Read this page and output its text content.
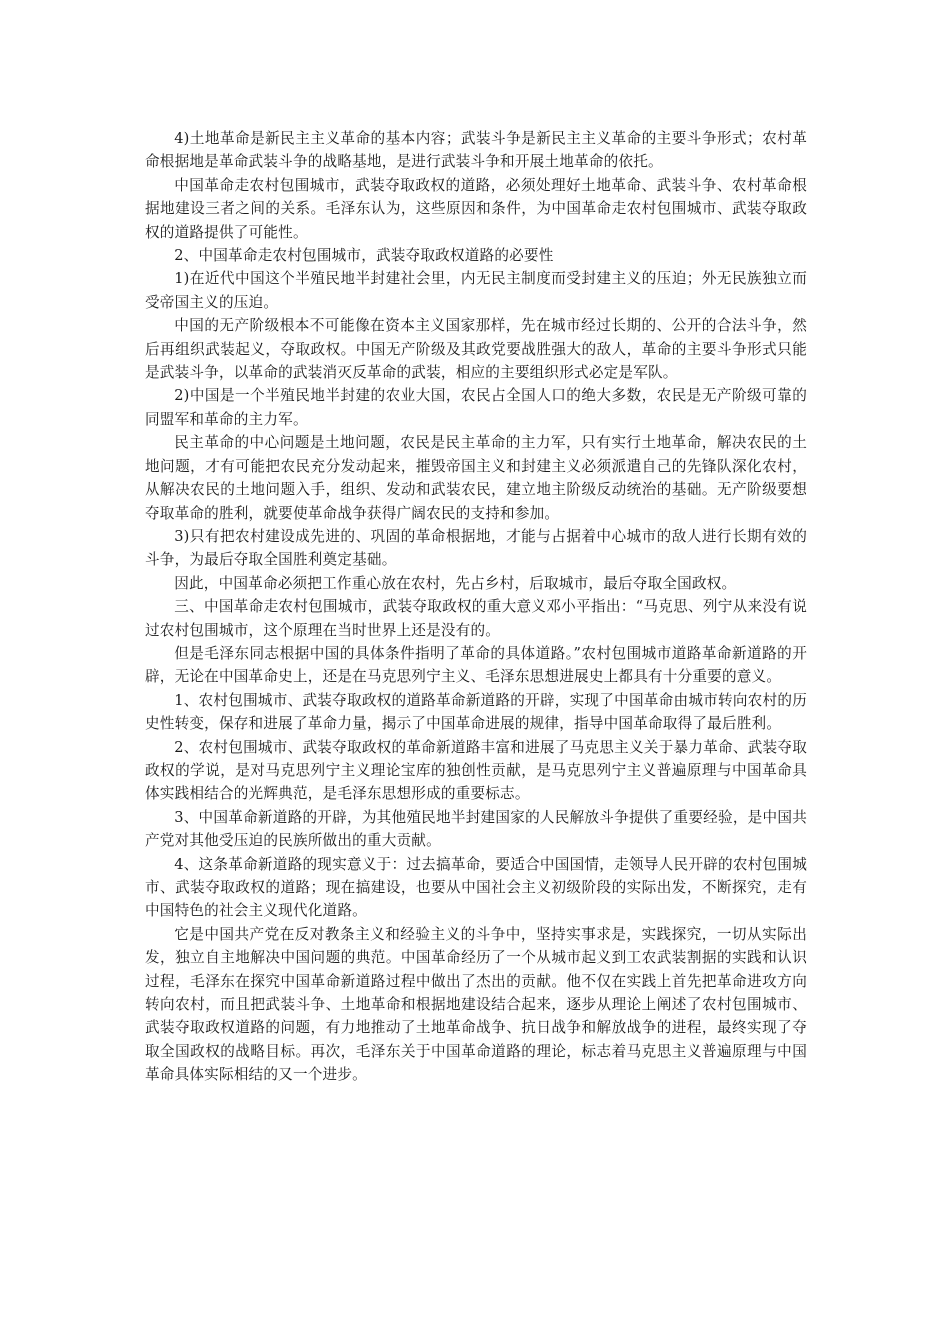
4)土地革命是新民主主义革命的基本内容；武装斗争是新民主主义革命的主要斗争形式；农村革命根据地是革命武装斗争的战略基地，是进行武装斗争和开展土地革命的依托。

中国革命走农村包围城市，武装夺取政权的道路，必须处理好土地革命、武装斗争、农村革命根据地建设三者之间的关系。毛泽东认为，这些原因和条件，为中国革命走农村包围城市、武装夺取政权的道路提供了可能性。

2、中国革命走农村包围城市，武装夺取政权道路的必要性

1)在近代中国这个半殖民地半封建社会里，内无民主制度而受封建主义的压迫；外无民族独立而受帝国主义的压迫。

中国的无产阶级根本不可能像在资本主义国家那样，先在城市经过长期的、公开的合法斗争，然后再组织武装起义，夺取政权。中国无产阶级及其政党要战胜强大的敌人，革命的主要斗争形式只能是武装斗争，以革命的武装消灭反革命的武装，相应的主要组织形式必定是军队。

2)中国是一个半殖民地半封建的农业大国，农民占全国人口的绝大多数，农民是无产阶级可靠的同盟军和革命的主力军。

民主革命的中心问题是土地问题，农民是民主革命的主力军，只有实行土地革命，解决农民的土地问题，才有可能把农民充分发动起来，摧毁帝国主义和封建主义必须派遣自己的先锋队深化农村，从解决农民的土地问题入手，组织、发动和武装农民，建立地主阶级反动统治的基础。无产阶级要想夺取革命的胜利，就要使革命战争获得广阔农民的支持和参加。

3)只有把农村建设成先进的、巩固的革命根据地，才能与占据着中心城市的敌人进行长期有效的斗争，为最后夺取全国胜利奠定基础。

因此，中国革命必须把工作重心放在农村，先占乡村，后取城市，最后夺取全国政权。

三、中国革命走农村包围城市，武装夺取政权的重大意义邓小平指出：“马克思、列宁从来没有说过农村包围城市，这个原理在当时世界上还是没有的。

但是毛泽东同志根据中国的具体条件指明了革命的具体道路。”农村包围城市道路革命新道路的开辟，无论在中国革命史上，还是在马克思列宁主义、毛泽东思想进展史上都具有十分重要的意义。

1、农村包围城市、武装夺取政权的道路革命新道路的开辟，实现了中国革命由城市转向农村的历史性转变，保存和进展了革命力量，揭示了中国革命进展的规律，指导中国革命取得了最后胜利。

2、农村包围城市、武装夺取政权的革命新道路丰富和进展了马克思主义关于暴力革命、武装夺取政权的学说，是对马克思列宁主义理论宝库的独创性贡献，是马克思列宁主义普遍原理与中国革命具体实践相结合的光辉典范，是毛泽东思想形成的重要标志。

3、中国革命新道路的开辟，为其他殖民地半封建国家的人民解放斗争提供了重要经验，是中国共产党对其他受压迫的民族所做出的重大贡献。

4、这条革命新道路的现实意义于：过去搞革命，要适合中国国情，走领导人民开辟的农村包围城市、武装夺取政权的道路；现在搞建设，也要从中国社会主义初级阶段的实际出发，不断探究，走有中国特色的社会主义现代化道路。

它是中国共产党在反对教条主义和经验主义的斗争中，坚持实事求是，实践探究，一切从实际出发，独立自主地解决中国问题的典范。中国革命经历了一个从城市起义到工农武装割据的实践和认识过程，毛泽东在探究中国革命新道路过程中做出了杰出的贡献。他不仅在实践上首先把革命进攻方向转向农村，而且把武装斗争、土地革命和根据地建设结合起来，逐步从理论上阐述了农村包围城市、武装夺取政权道路的问题，有力地推动了土地革命战争、抗日战争和解放战争的进程，最终实现了夺取全国政权的战略目标。再次，毛泽东关于中国革命道路的理论，标志着马克思主义普遍原理与中国革命具体实际相结的又一个进步。
